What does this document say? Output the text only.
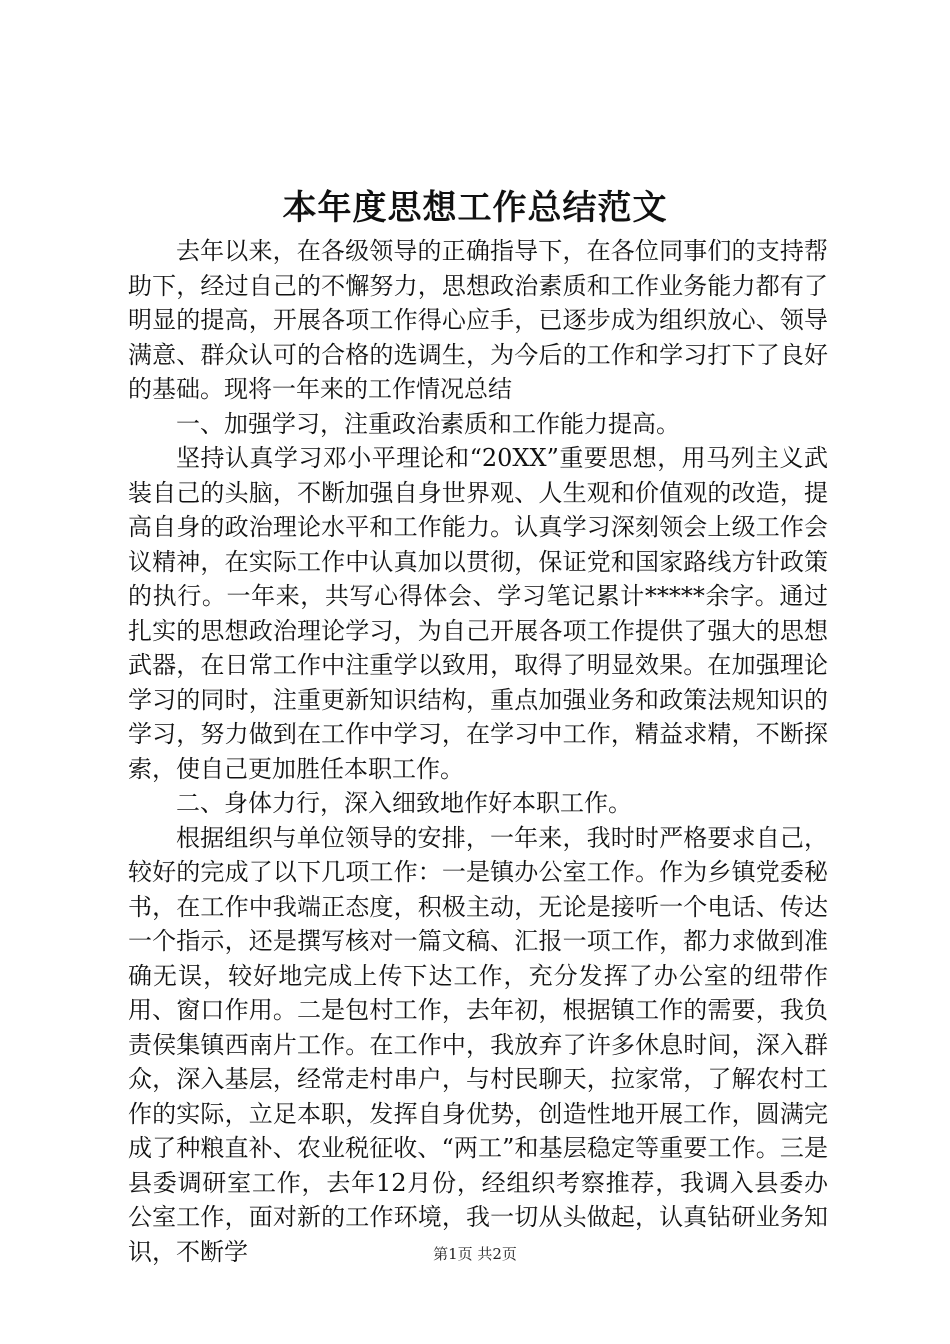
本年度思想工作总结范文

去年以来，在各级领导的正确指导下，在各位同事们的支持帮助下，经过自己的不懈努力，思想政治素质和工作业务能力都有了明显的提高，开展各项工作得心应手，已逐步成为组织放心、领导满意、群众认可的合格的选调生，为今后的工作和学习打下了良好的基础。现将一年来的工作情况总结

一、加强学习，注重政治素质和工作能力提高。

坚持认真学习邓小平理论和“20XX”重要思想，用马列主义武装自己的头脑，不断加强自身世界观、人生观和价值观的改造，提高自身的政治理论水平和工作能力。认真学习深刻领会上级工作会议精神，在实际工作中认真加以贯彻，保证党和国家路线方针政策的执行。一年来，共写心得体会、学习笔记累计*****余字。通过扎实的思想政治理论学习，为自己开展各项工作提供了强大的思想武器，在日常工作中注重学以致用，取得了明显效果。在加强理论学习的同时，注重更新知识结构，重点加强业务和政策法规知识的学习，努力做到在工作中学习，在学习中工作，精益求精，不断探索，使自己更加胜任本职工作。

二、身体力行，深入细致地作好本职工作。

根据组织与单位领导的安排，一年来，我时时严格要求自己，较好的完成了以下几项工作：一是镇办公室工作。作为乡镇党委秘书，在工作中我端正态度，积极主动，无论是接听一个电话、传达一个指示，还是撰写核对一篇文稿、汇报一项工作，都力求做到准确无误，较好地完成上传下达工作，充分发挥了办公室的纽带作用、窗口作用。二是包村工作，去年初，根据镇工作的需要，我负责侯集镇西南片工作。在工作中，我放弃了许多休息时间，深入群众，深入基层，经常走村串户，与村民聊天，拉家常，了解农村工作的实际，立足本职，发挥自身优势，创造性地开展工作，圆满完成了种粮直补、农业税征收、“两工”和基层稳定等重要工作。三是县委调研室工作，去年12月份，经组织考察推荐，我调入县委办公室工作，面对新的工作环境，我一切从头做起，认真钻研业务知识，不断学	第1页 共2页
